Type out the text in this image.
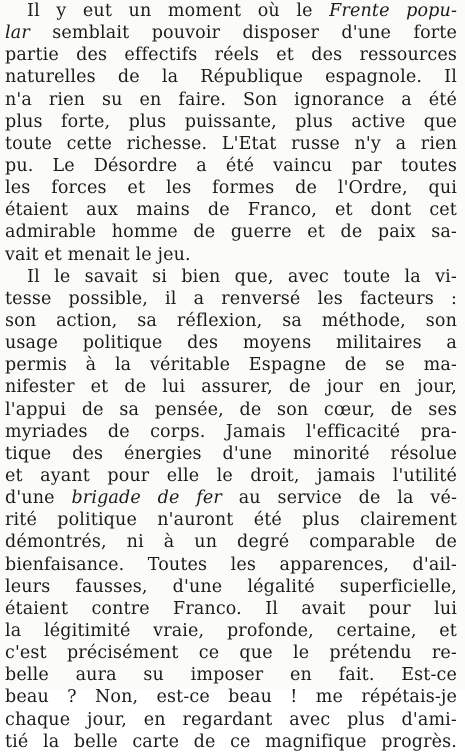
Il y eut un moment où le Frente popu-
lar semblait pouvoir disposer d'une forte
partie des effectifs réels et des ressources
naturelles de la République espagnole. Il
n'a rien su en faire. Son ignorance a été
plus forte, plus puissante, plus active que
toute cette richesse. L'Etat russe n'y a rien
pu. Le Désordre a été vaincu par toutes
les forces et les formes de l'Ordre, qui
étaient aux mains de Franco, et dont cet
admirable homme de guerre et de paix sa-
vait et menait le jeu.
Il le savait si bien que, avec toute la vi-
tesse possible, il a renversé les facteurs :
son action, sa réflexion, sa méthode, son
usage politique des moyens militaires a
permis à la véritable Espagne de se ma-
nifester et de lui assurer, de jour en jour,
l'appui de sa pensée, de son cœur, de ses
myriades de corps. Jamais l'efficacité pra-
tique des énergies d'une minorité résolue
et ayant pour elle le droit, jamais l'utilité
d'une brigade de fer au service de la vé-
rité politique n'auront été plus clairement
démontrés, ni à un degré comparable de
bienfaisance. Toutes les apparences, d'ail-
leurs fausses, d'une légalité superficielle,
étaient contre Franco. Il avait pour lui
la légitimité vraie, profonde, certaine, et
c'est précisément ce que le prétendu re-
belle aura su imposer en fait. Est-ce
beau ? Non, est-ce beau ! me répétais-je
chaque jour, en regardant avec plus d'ami-
tié la belle carte de ce magnifique progrès.
